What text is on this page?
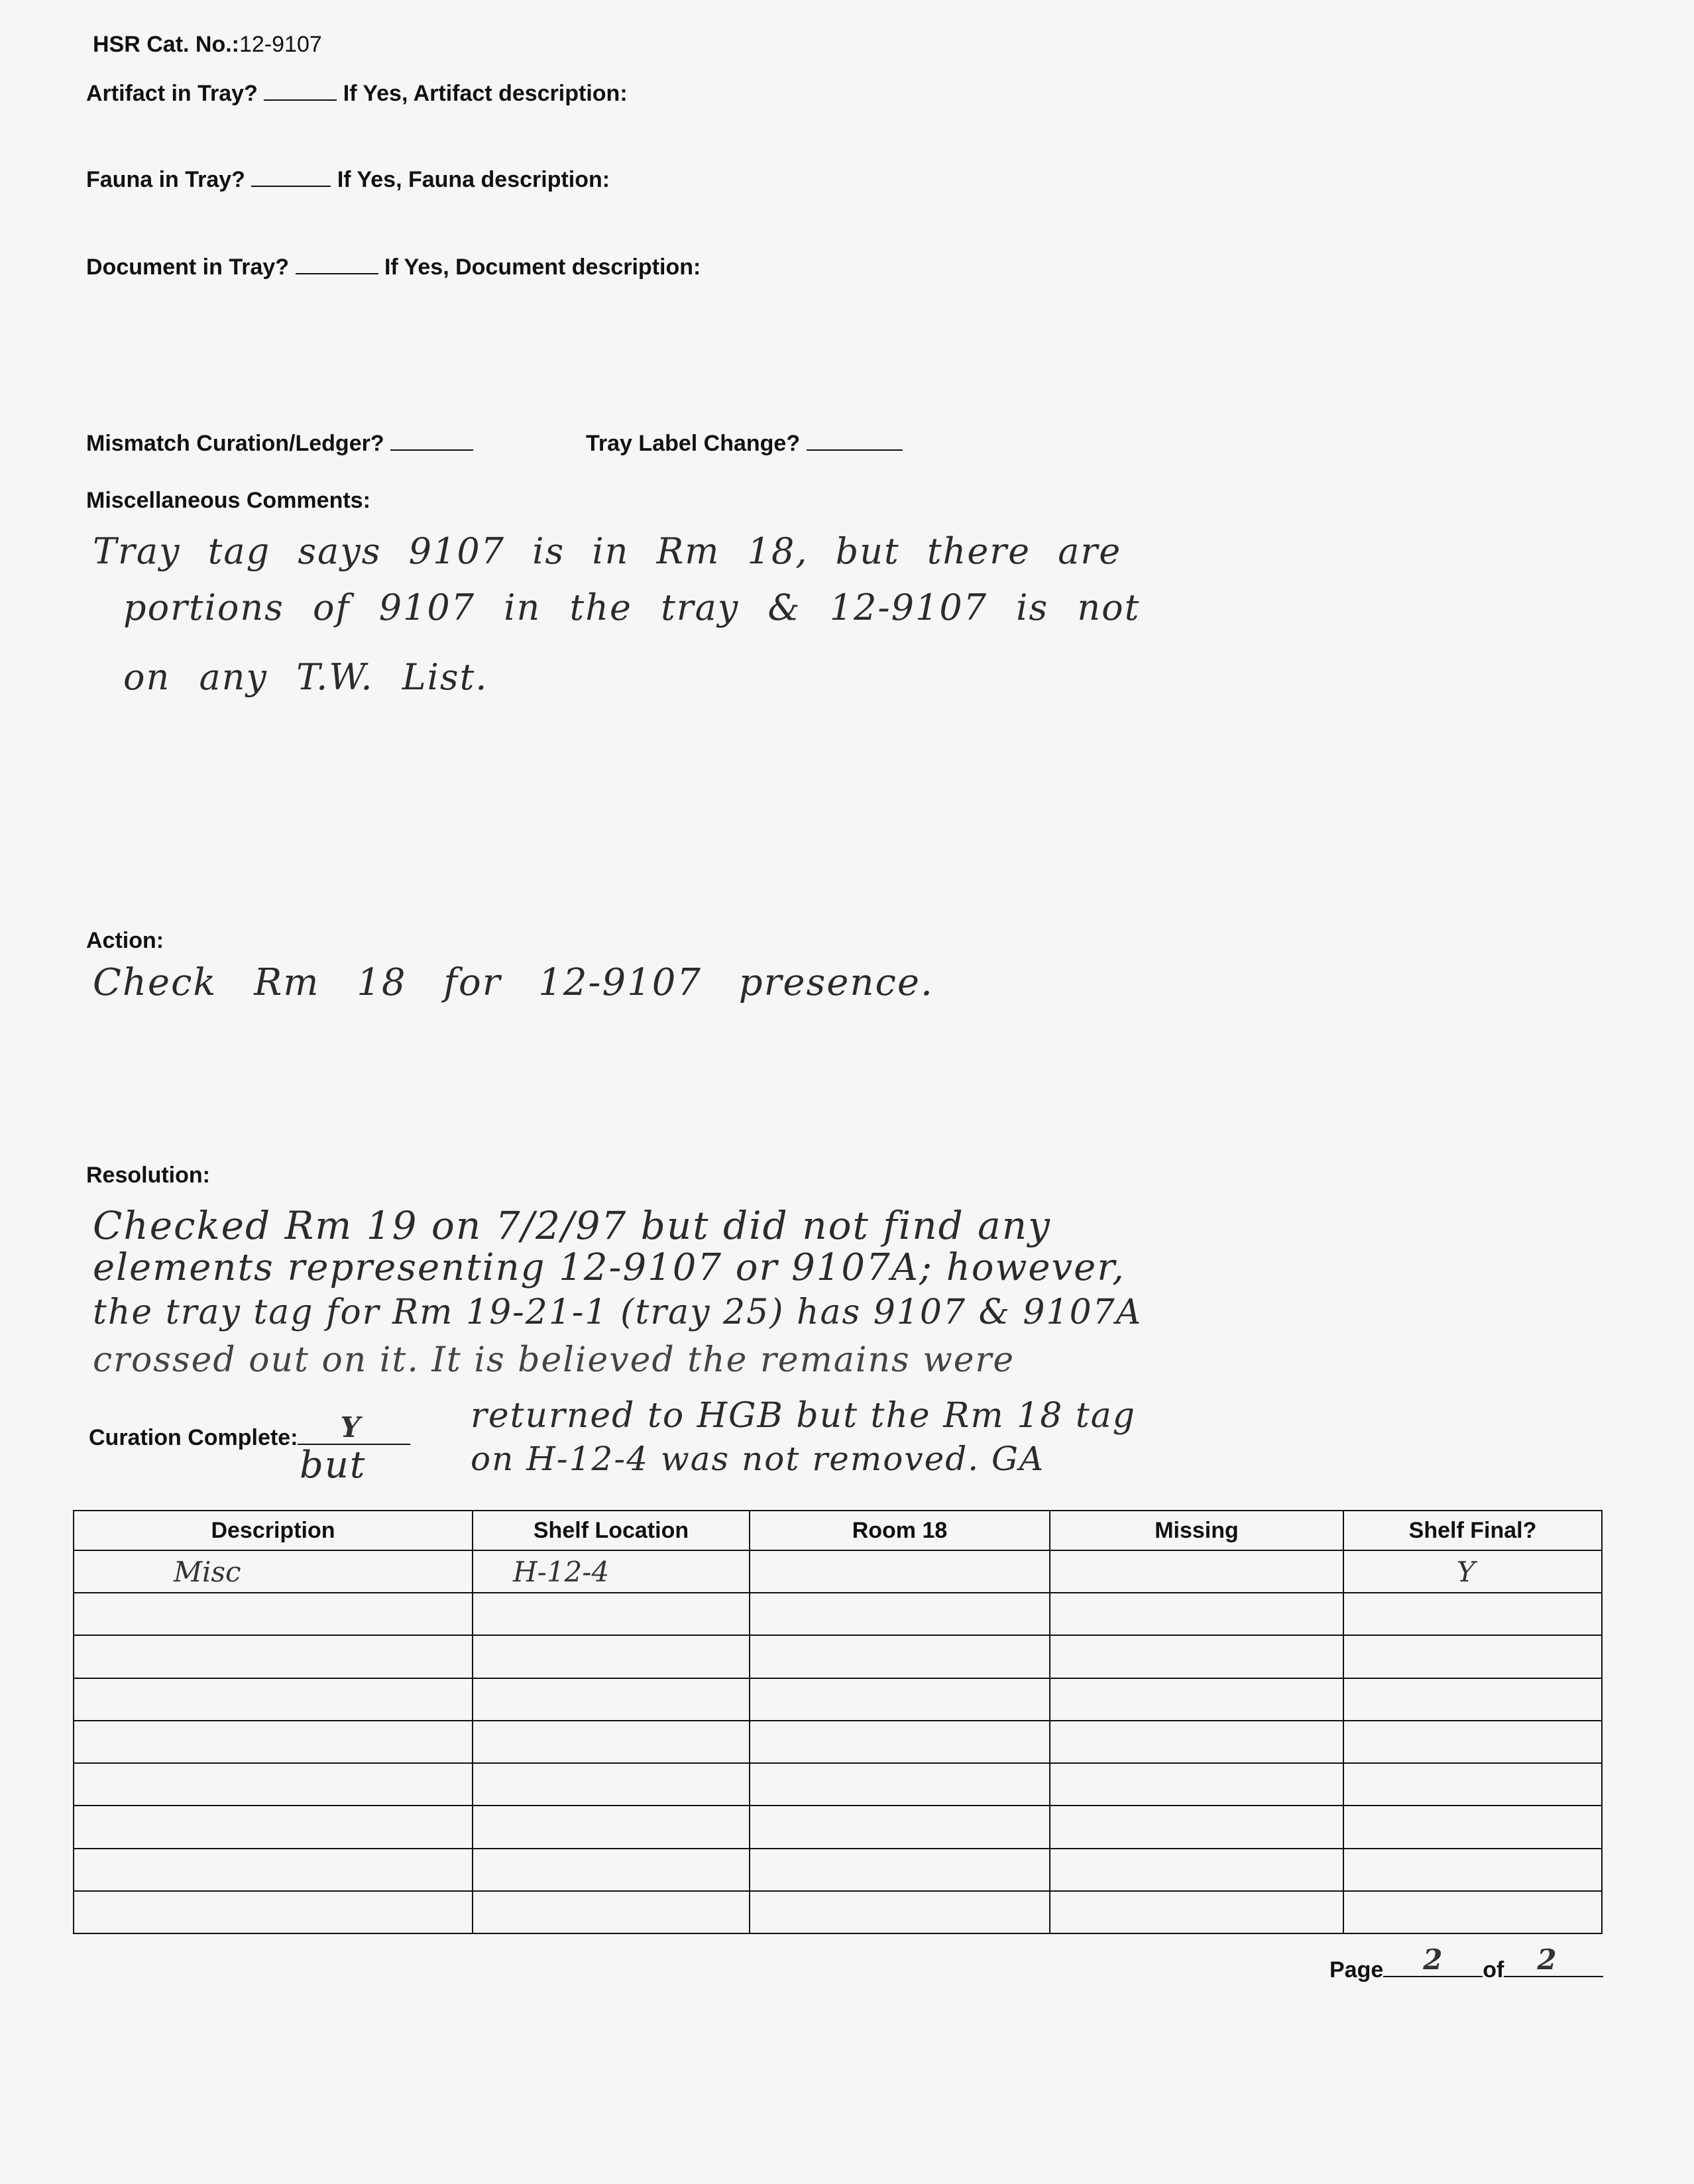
HSR Cat. No.:12-9107
Artifact in Tray?	If Yes, Artifact description:
Fauna in Tray?	If Yes, Fauna description:
Document in Tray?	If Yes, Document description:
Mismatch Curation/Ledger?	Tray Label Change?
Miscellaneous Comments:
Tray tag says 9107 is in Rm 18, but there are
portions of 9107 in the tray & 12-9107 is not
on any T.W. List.
Action:
Check Rm 18 for 12-9107 presence.
Resolution:
Checked Rm 19 on 7/2/97 but did not find any
elements representing 12-9107 or 9107A; however,
the tray tag for Rm 19-21-1 (tray 25) has 9107 & 9107A
crossed out on it. It is believed the remains were
Curation Complete: Y	returned to HGB but the Rm 18 tag
but	on H-12-4 was not removed. GA
Description	Shelf Location	Room 18	Missing	Shelf Final?
Misc	H-12-4			Y

Page 2 of 2
